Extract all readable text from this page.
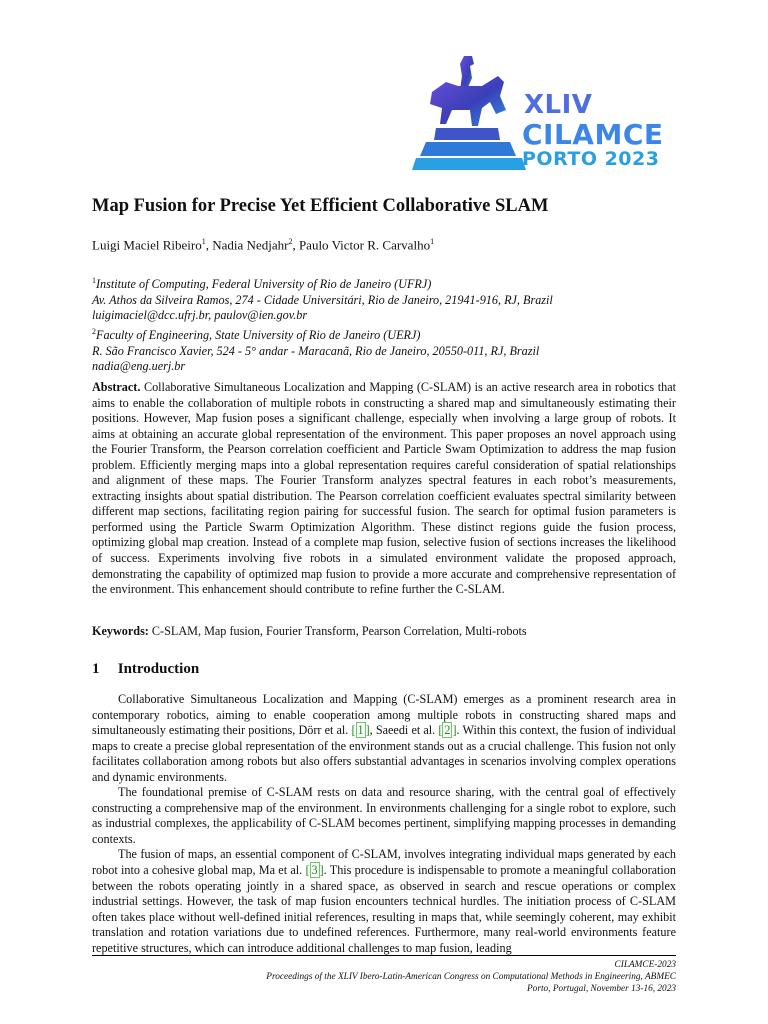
XLIV
CILAMCE
PORTO 2023
Map Fusion for Precise Yet Efficient Collaborative SLAM
Luigi Maciel Ribeiro$^1$, Nadia Nedjahr$^2$, Paulo Victor R. Carvalho$^1$
$^1$Institute of Computing, Federal University of Rio de Janeiro (UFRJ)
Av. Athos da Silveira Ramos, 274 - Cidade Universitári, Rio de Janeiro, 21941-916, RJ, Brazil
luigimaciel@dcc.ufrj.br, paulov@ien.gov.br
$^2$Faculty of Engineering, State University of Rio de Janeiro (UERJ)
R. São Francisco Xavier, 524 - 5° andar - Maracanã, Rio de Janeiro, 20550-011, RJ, Brazil
nadia@eng.uerj.br
Abstract. Collaborative Simultaneous Localization and Mapping (C-SLAM) is an active research area in robotics that aims to enable the collaboration of multiple robots in constructing a shared map and simultaneously estimating their positions. However, Map fusion poses a significant challenge, especially when involving a large group of robots. It aims at obtaining an accurate global representation of the environment. This paper proposes an novel approach using the Fourier Transform, the Pearson correlation coefficient and Particle Swam Optimization to address the map fusion problem. Efficiently merging maps into a global representation requires careful consideration of spatial relationships and alignment of these maps. The Fourier Transform analyzes spectral features in each robot’s measurements, extracting insights about spatial distribution. The Pearson correlation coefficient evaluates spectral similarity between different map sections, facilitating region pairing for successful fusion. The search for optimal fusion parameters is performed using the Particle Swarm Optimization Algorithm. These distinct regions guide the fusion process, optimizing global map creation. Instead of a complete map fusion, selective fusion of sections increases the likelihood of success. Experiments involving five robots in a simulated environment validate the proposed approach, demonstrating the capability of optimized map fusion to provide a more accurate and comprehensive representation of the environment. This enhancement should contribute to refine further the C-SLAM.
Keywords: C-SLAM, Map fusion, Fourier Transform, Pearson Correlation, Multi-robots
1 Introduction

Collaborative Simultaneous Localization and Mapping (C-SLAM) emerges as a prominent research area in contemporary robotics, aiming to enable cooperation among multiple robots in constructing shared maps and simultaneously estimating their positions, Dörr et al. [ 1 ], Saeedi et al. [ 2 ]. Within this context, the fusion of individual maps to create a precise global representation of the environment stands out as a crucial challenge. This fusion not only facilitates collaboration among robots but also offers substantial advantages in scenarios involving complex operations and dynamic environments.

The foundational premise of C-SLAM rests on data and resource sharing, with the central goal of effectively constructing a comprehensive map of the environment. In environments challenging for a single robot to explore, such as industrial complexes, the applicability of C-SLAM becomes pertinent, simplifying mapping processes in demanding contexts.

The fusion of maps, an essential component of C-SLAM, involves integrating individual maps generated by each robot into a cohesive global map, Ma et al. [ 3 ]. This procedure is indispensable to promote a meaningful collaboration between the robots operating jointly in a shared space, as observed in search and rescue operations or complex industrial settings. However, the task of map fusion encounters technical hurdles. The initiation process of C-SLAM often takes place without well-defined initial references, resulting in maps that, while seemingly coherent, may exhibit translation and rotation variations due to undefined references. Furthermore, many real-world environments feature repetitive structures, which can introduce additional challenges to map fusion, leading

CILAMCE-2023
Proceedings of the XLIV Ibero-Latin-American Congress on Computational Methods in Engineering, ABMEC
Porto, Portugal, November 13-16, 2023
